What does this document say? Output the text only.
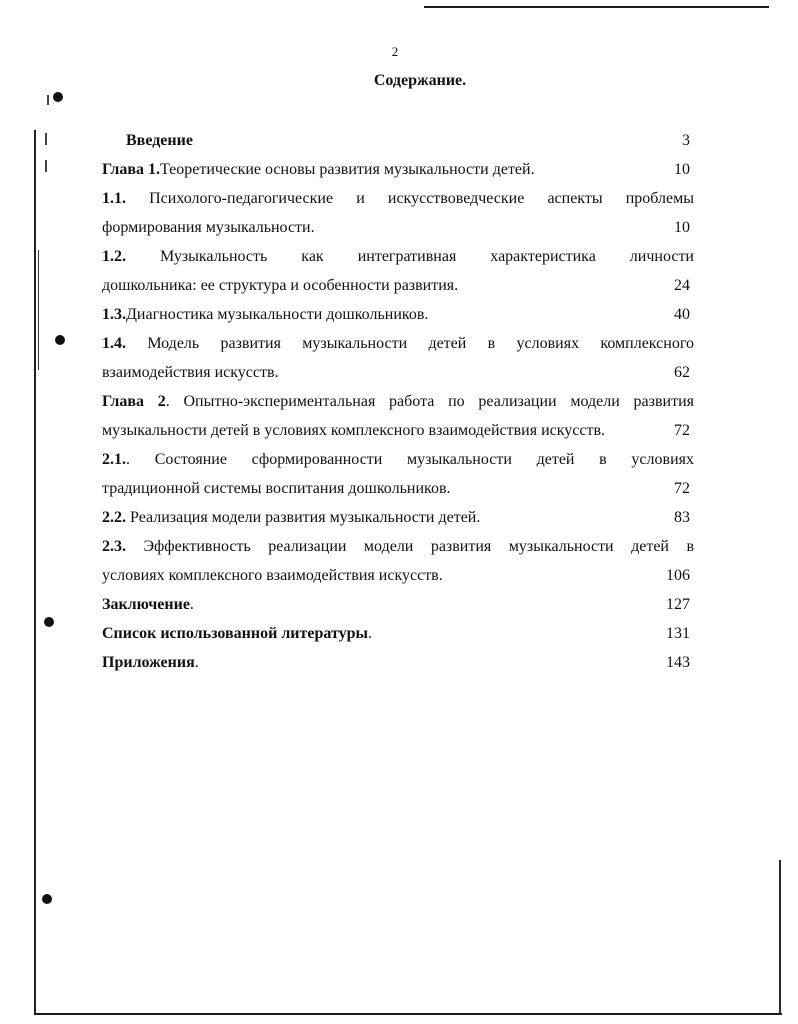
2
Содержание.
Введение	3
Глава 1.Теоретические основы развития музыкальности детей.	10
1.1. Психолого-педагогические и искусствоведческие аспекты проблемы
формирования музыкальности.	10
1.2. Музыкальность как интегративная характеристика личности
дошкольника: ее структура и особенности развития.	24
1.3.Диагностика музыкальности дошкольников.	40
1.4. Модель развития музыкальности детей в условиях комплексного
взаимодействия искусств.	62
Глава 2. Опытно-экспериментальная работа по реализации модели развития
музыкальности детей в условиях комплексного взаимодействия искусств.	72
2.1.. Состояние сформированности музыкальности детей в условиях
традиционной системы воспитания дошкольников.	72
2.2. Реализация модели развития музыкальности детей.	83
2.3. Эффективность реализации модели развития музыкальности детей в
условиях комплексного взаимодействия искусств.	106
Заключение.	127
Список использованной литературы.	131
Приложения.	143
